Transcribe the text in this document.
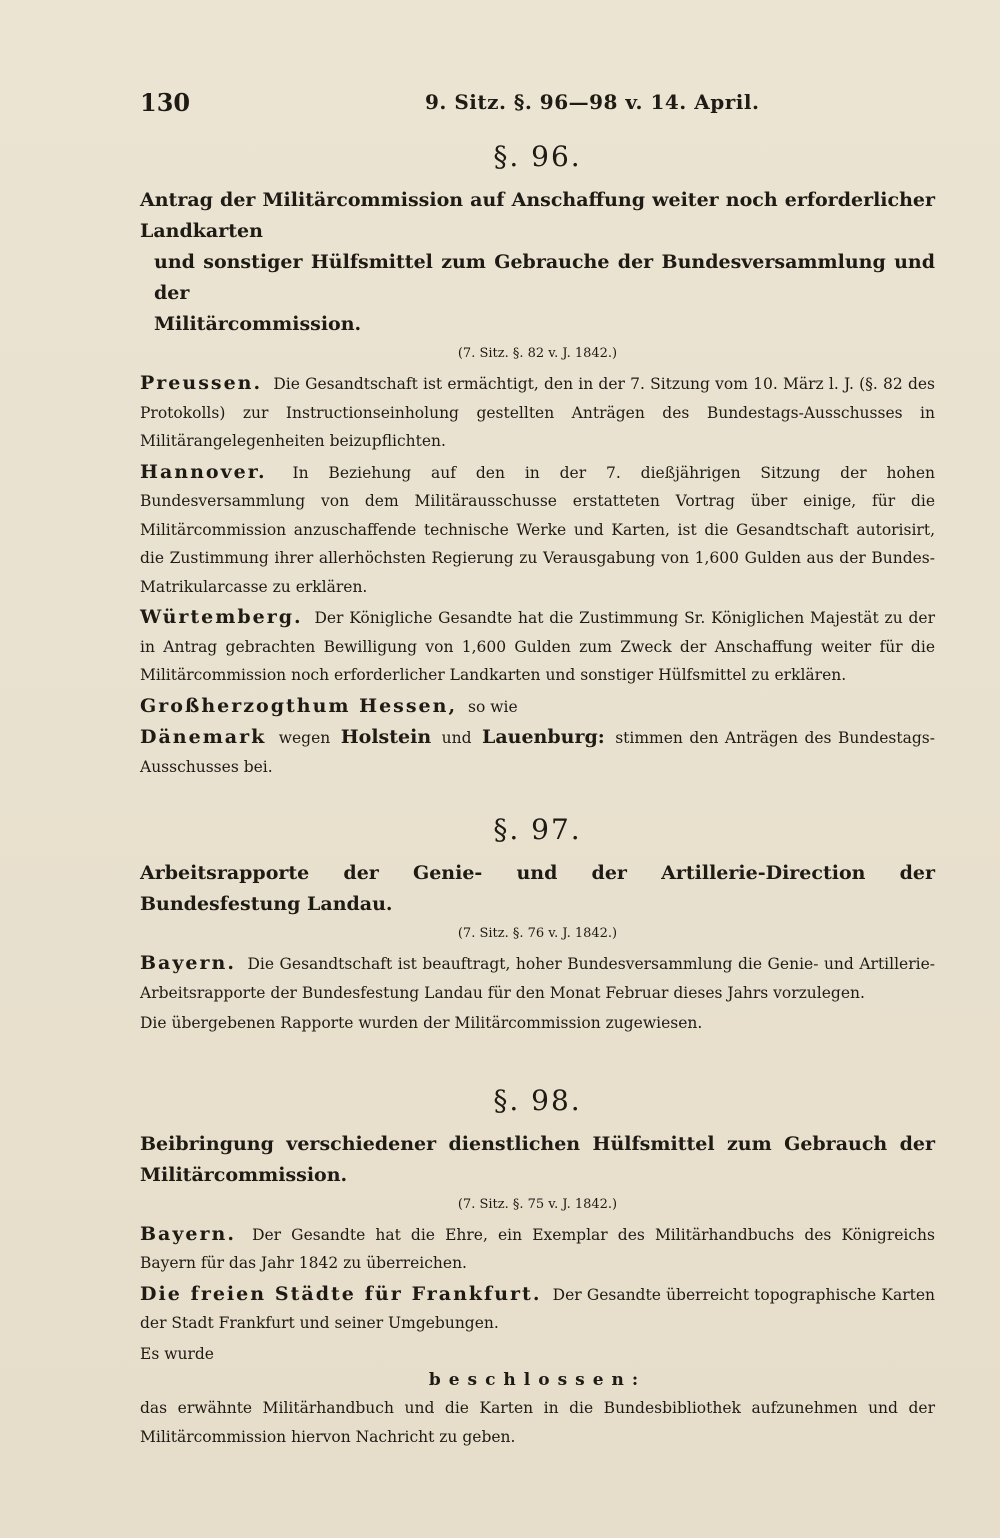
130	9. Sitz. §. 96—98 v. 14. April.
§. 96.
Antrag der Militärcommission auf Anschaffung weiter noch erforderlicher Landkarten
und sonstiger Hülfsmittel zum Gebrauche der Bundesversammlung und der
Militärcommission.
(7. Sitz. §. 82 v. J. 1842.)

Preussen. Die Gesandtschaft ist ermächtigt, den in der 7. Sitzung vom 10. März l. J. (§. 82 des Protokolls) zur Instructionseinholung gestellten Anträgen des Bundestags-Ausschusses in Militärangelegenheiten beizupflichten.

Hannover. In Beziehung auf den in der 7. dießjährigen Sitzung der hohen Bundesversammlung von dem Militärausschusse erstatteten Vortrag über einige, für die Militärcommission anzuschaffende technische Werke und Karten, ist die Gesandtschaft autorisirt, die Zustimmung ihrer allerhöchsten Regierung zu Verausgabung von 1,600 Gulden aus der Bundes-Matrikularcasse zu erklären.

Würtemberg. Der Königliche Gesandte hat die Zustimmung Sr. Königlichen Majestät zu der in Antrag gebrachten Bewilligung von 1,600 Gulden zum Zweck der Anschaffung weiter für die Militärcommission noch erforderlicher Landkarten und sonstiger Hülfsmittel zu erklären.

Großherzogthum Hessen, so wie

Dänemark wegen Holstein und Lauenburg: stimmen den Anträgen des Bundestags-Ausschusses bei.

§. 97.
Arbeitsrapporte der Genie- und der Artillerie-Direction der Bundesfestung Landau.
(7. Sitz. §. 76 v. J. 1842.)

Bayern. Die Gesandtschaft ist beauftragt, hoher Bundesversammlung die Genie- und Artillerie-Arbeitsrapporte der Bundesfestung Landau für den Monat Februar dieses Jahrs vorzulegen.

Die übergebenen Rapporte wurden der Militärcommission zugewiesen.

§. 98.
Beibringung verschiedener dienstlichen Hülfsmittel zum Gebrauch der Militärcommission.
(7. Sitz. §. 75 v. J. 1842.)

Bayern. Der Gesandte hat die Ehre, ein Exemplar des Militärhandbuchs des Königreichs Bayern für das Jahr 1842 zu überreichen.

Die freien Städte für Frankfurt. Der Gesandte überreicht topographische Karten der Stadt Frankfurt und seiner Umgebungen.

Es wurde

beschlossen:

das erwähnte Militärhandbuch und die Karten in die Bundesbibliothek aufzunehmen und der Militärcommission hiervon Nachricht zu geben.
